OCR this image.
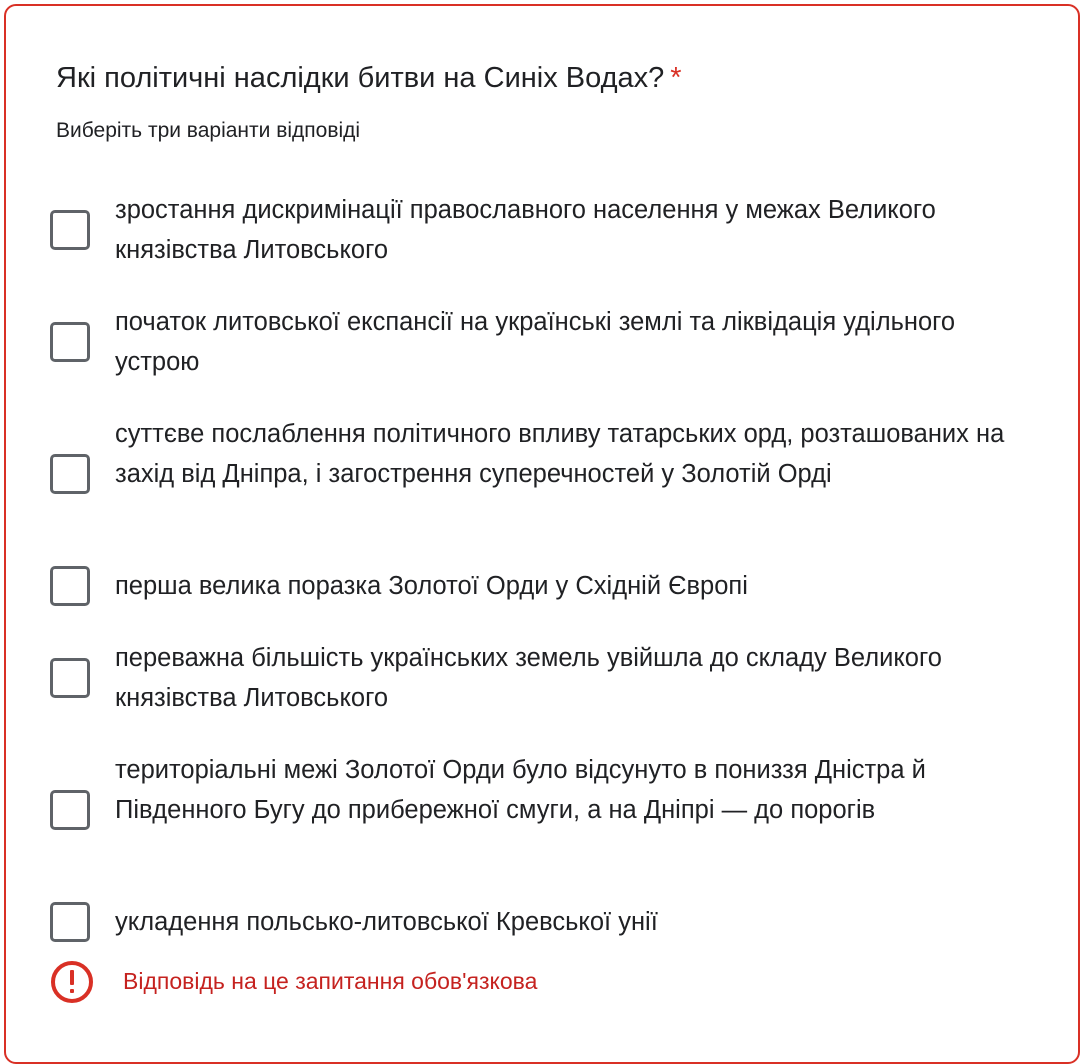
Які політичні наслідки битви на Синіх Водах? *
Виберіть три варіанти відповіді
зростання дискримінації православного населення у межах Великого князівства Литовського
початок литовської експансії на українські землі та ліквідація удільного устрою
суттєве послаблення політичного впливу татарських орд, розташованих на захід від Дніпра, і загострення суперечностей у Золотій Орді
перша велика поразка Золотої Орди у Східній Європі
переважна більшість українських земель увійшла до складу Великого князівства Литовського
територіальні межі Золотої Орди було відсунуто в пониззя Дністра й Південного Бугу до прибережної смуги, а на Дніпрі — до порогів
укладення польсько-литовської Кревської унії
Відповідь на це запитання обов'язкова
